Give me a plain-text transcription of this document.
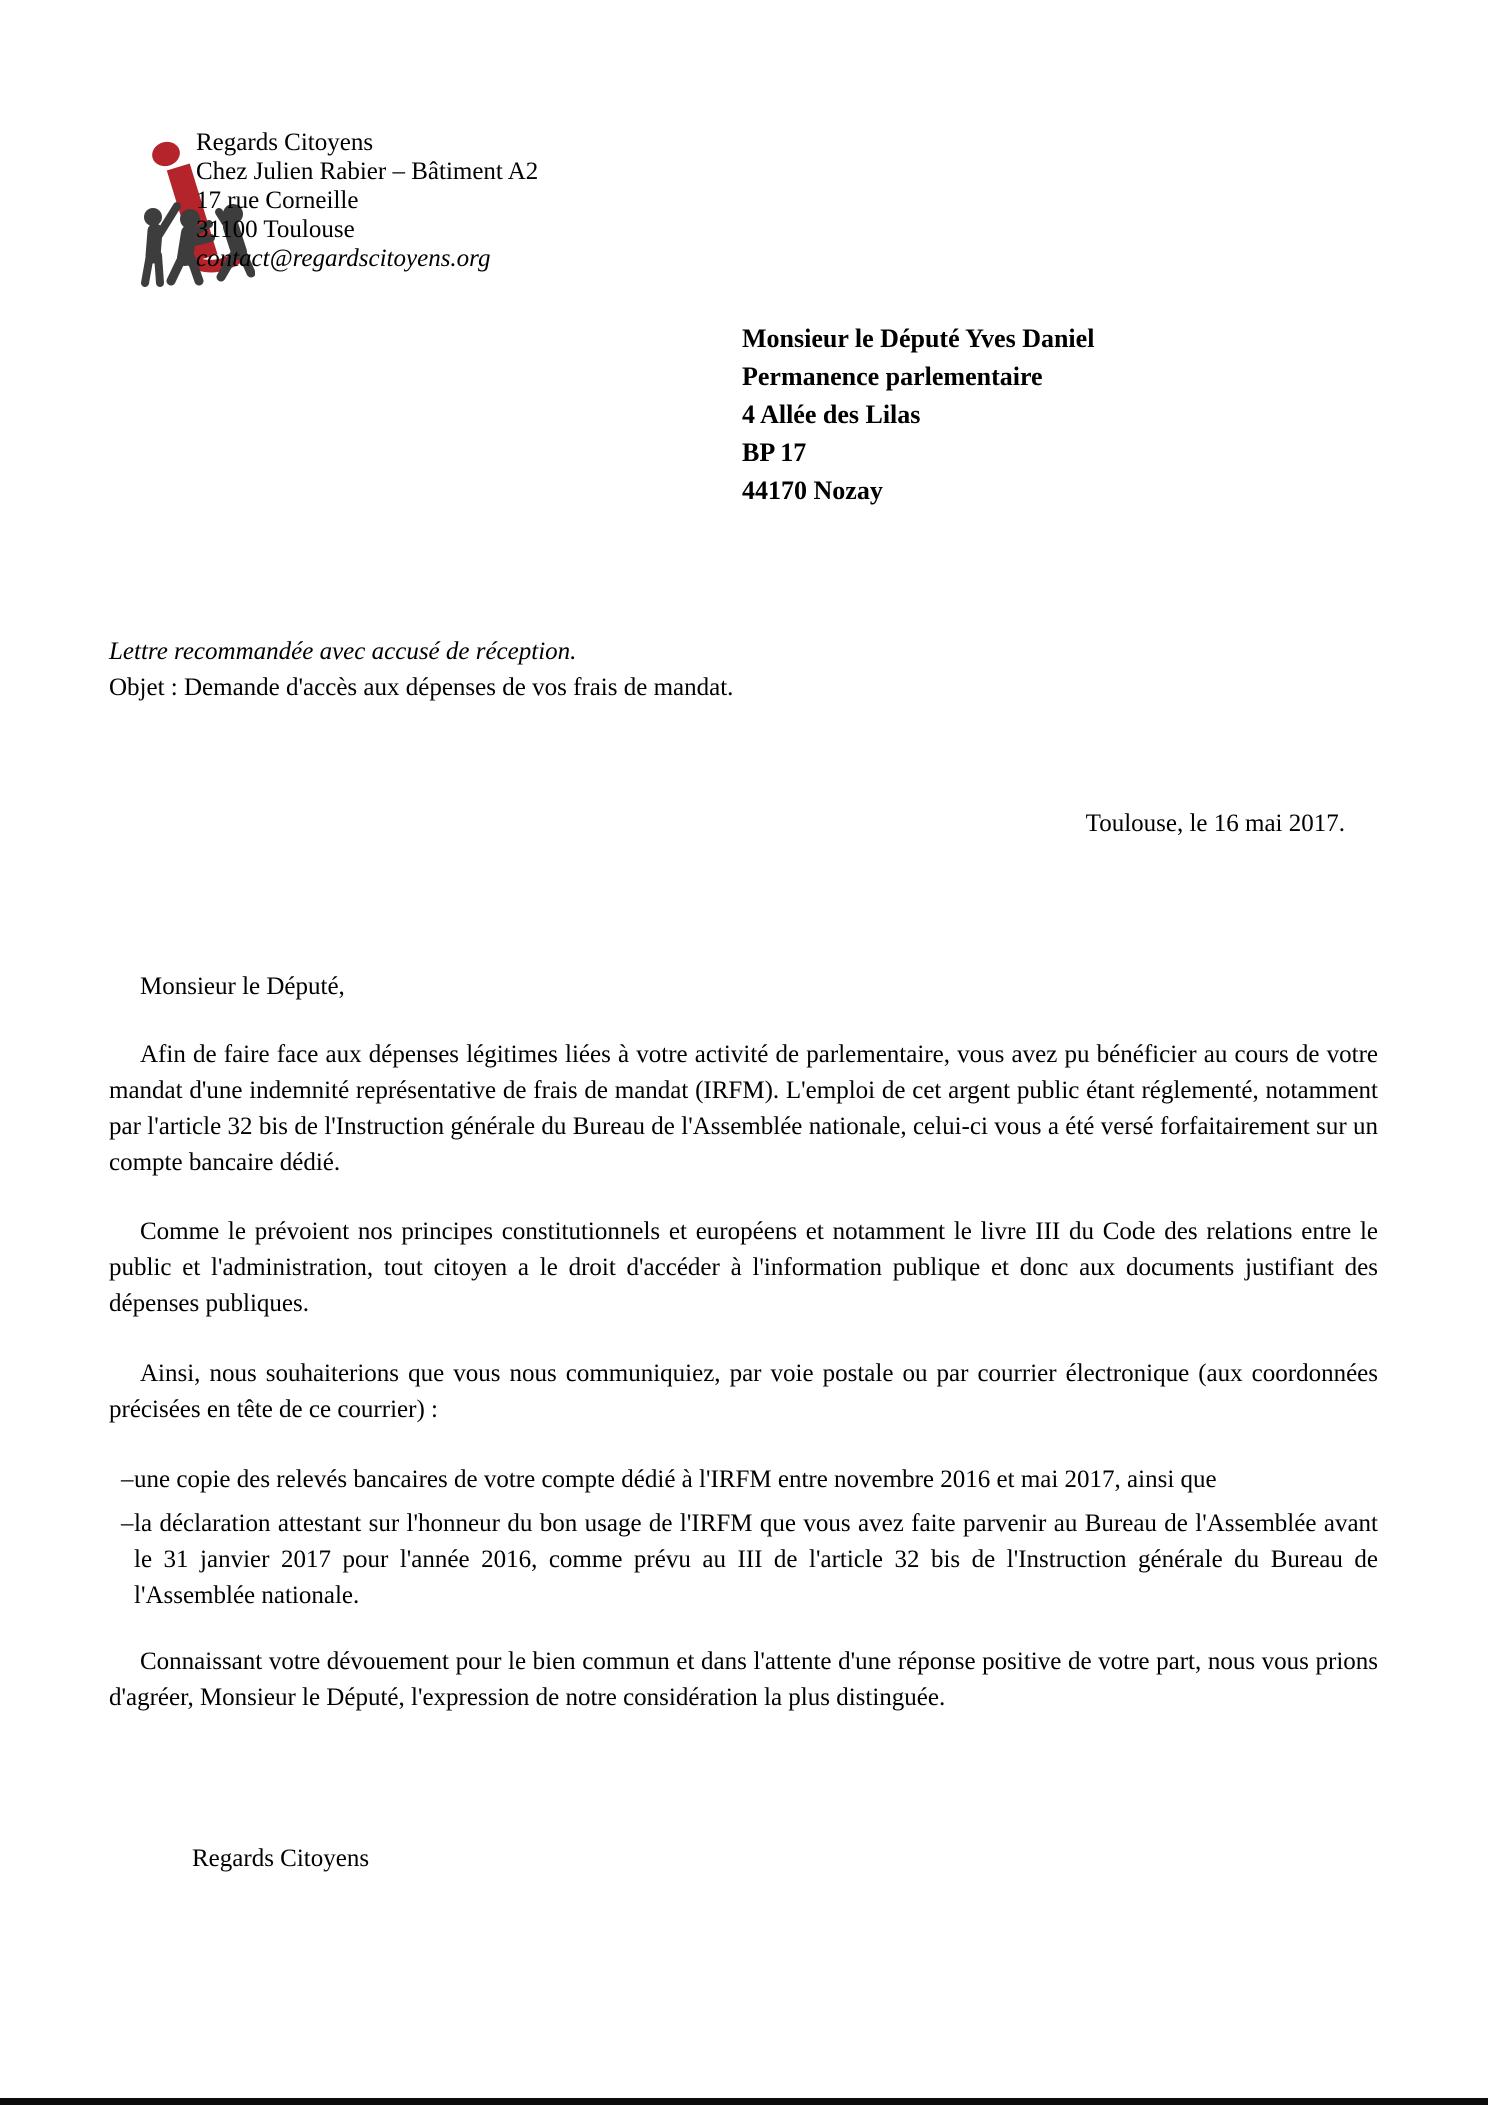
Regards Citoyens
Chez Julien Rabier – Bâtiment A2
17 rue Corneille
31100 Toulouse
contact@regardscitoyens.org
Monsieur le Député Yves Daniel
Permanence parlementaire
4 Allée des Lilas
BP 17
44170 Nozay
Lettre recommandée avec accusé de réception.
Objet : Demande d'accès aux dépenses de vos frais de mandat.
Toulouse, le 16 mai 2017.
Monsieur le Député,
Afin de faire face aux dépenses légitimes liées à votre activité de parlementaire, vous avez pu bénéficier au cours de votre mandat d'une indemnité représentative de frais de mandat (IRFM). L'emploi de cet argent public étant réglementé, notamment par l'article 32 bis de l'Instruction générale du Bureau de l'Assemblée nationale, celui-ci vous a été versé forfaitairement sur un compte bancaire dédié.
Comme le prévoient nos principes constitutionnels et européens et notamment le livre III du Code des relations entre le public et l'administration, tout citoyen a le droit d'accéder à l'information publique et donc aux documents justifiant des dépenses publiques.
Ainsi, nous souhaiterions que vous nous communiquiez, par voie postale ou par courrier électronique (aux coordonnées précisées en tête de ce courrier) :
– une copie des relevés bancaires de votre compte dédié à l'IRFM entre novembre 2016 et mai 2017, ainsi que
– la déclaration attestant sur l'honneur du bon usage de l'IRFM que vous avez faite parvenir au Bureau de l'Assemblée avant le 31 janvier 2017 pour l'année 2016, comme prévu au III de l'article 32 bis de l'Instruction générale du Bureau de l'Assemblée nationale.
Connaissant votre dévouement pour le bien commun et dans l'attente d'une réponse positive de votre part, nous vous prions d'agréer, Monsieur le Député, l'expression de notre considération la plus distinguée.
Regards Citoyens
